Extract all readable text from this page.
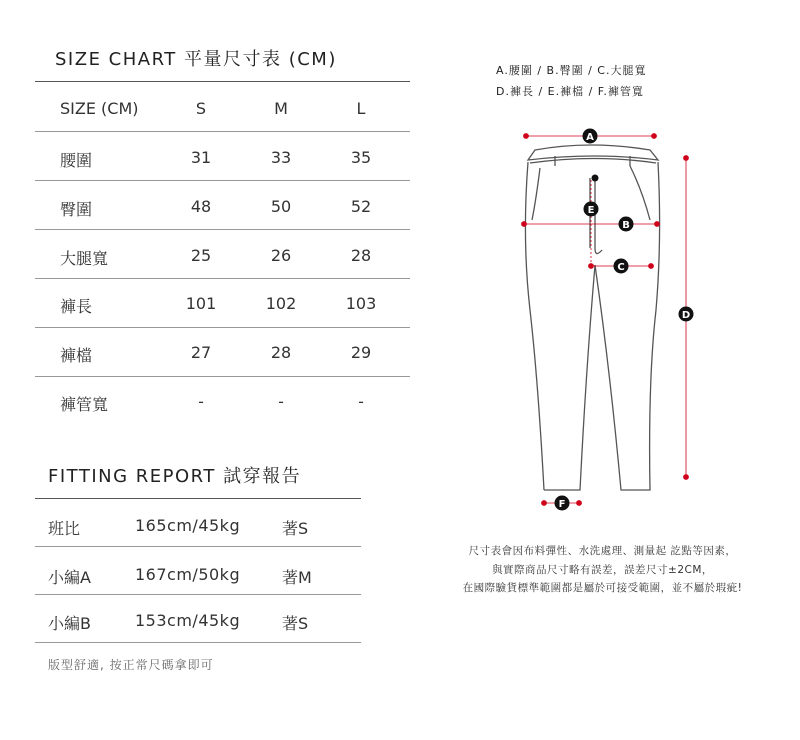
SIZE CHART 平量尺寸表 (CM)
SIZE (CM)	S	M	L
腰圍	31	33	35
臀圍	48	50	52
大腿寬	25	26	28
褲長	101	102	103
褲檔	27	28	29
褲管寬	-	-	-
FITTING REPORT 試穿報告
班比	165cm/45kg	著S
小編A	167cm/50kg	著M
小編B	153cm/45kg	著S
版型舒適, 按正常尺碼拿即可
A.腰圍 / B.臀圍 / C.大腿寬
D.褲長 / E.褲檔 / F.褲管寬
A
E
B
C
D
F
尺寸表會因布料彈性、水洗處理、測量起 訖點等因素，
與實際商品尺寸略有誤差，誤差尺寸±2CM，
在國際驗貨標準範圍都是屬於可接受範圍，並不屬於瑕疵!
